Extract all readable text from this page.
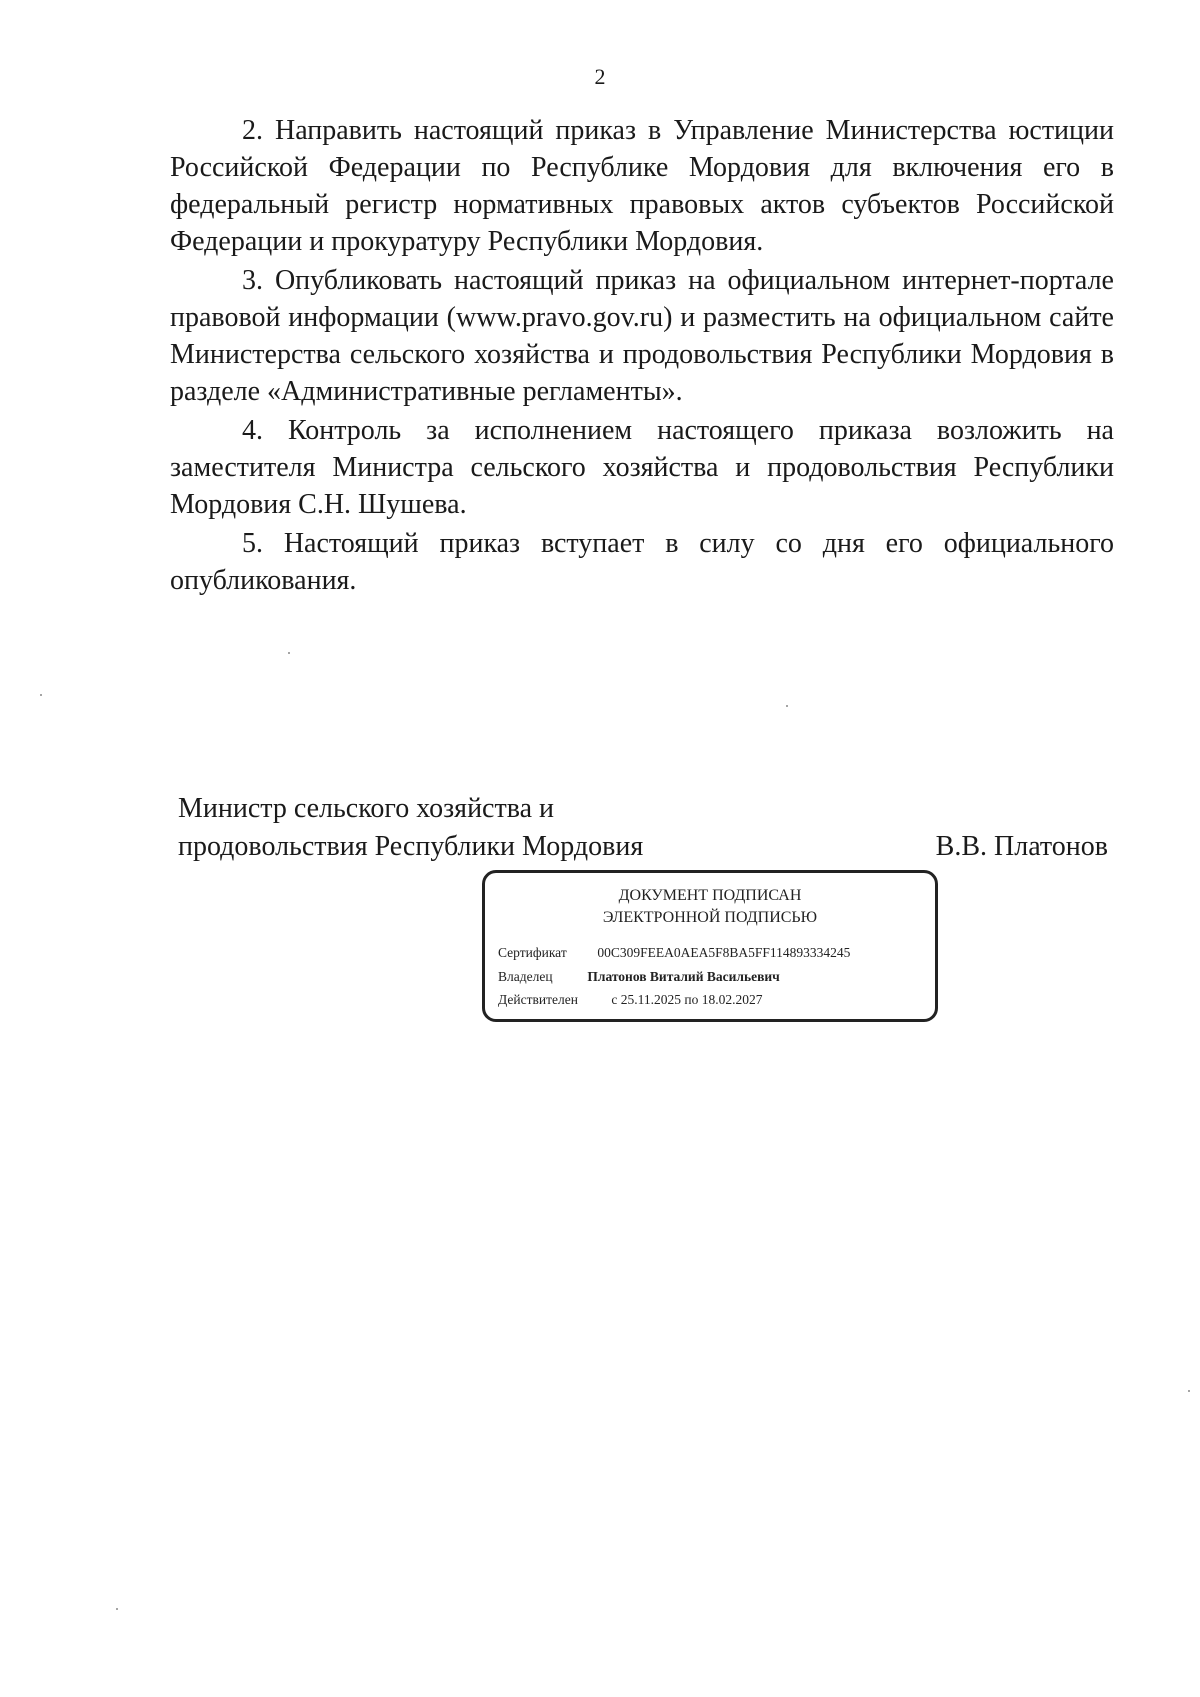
2

2. Направить настоящий приказ в Управление Министерства юстиции Российской Федерации по Республике Мордовия для включения его в федеральный регистр нормативных правовых актов субъектов Российской Федерации и прокуратуру Республики Мордовия.

3. Опубликовать настоящий приказ на официальном интернет-портале правовой информации (www.pravo.gov.ru) и разместить на официальном сайте Министерства сельского хозяйства и продовольствия Республики Мордовия в разделе «Административные регламенты».

4. Контроль за исполнением настоящего приказа возложить на заместителя Министра сельского хозяйства и продовольствия Республики Мордовия С.Н. Шушева.

5. Настоящий приказ вступает в силу со дня его официального опубликования.

Министр сельского хозяйства и
продовольствия Республики Мордовия	В.В. Платонов
ДОКУМЕНТ ПОДПИСАН
ЭЛЕКТРОННОЙ ПОДПИСЬЮ
Сертификат 00C309FEEA0AEA5F8BA5FF114893334245
Владелец	Платонов Виталий Васильевич
Действителен с 25.11.2025 по 18.02.2027
